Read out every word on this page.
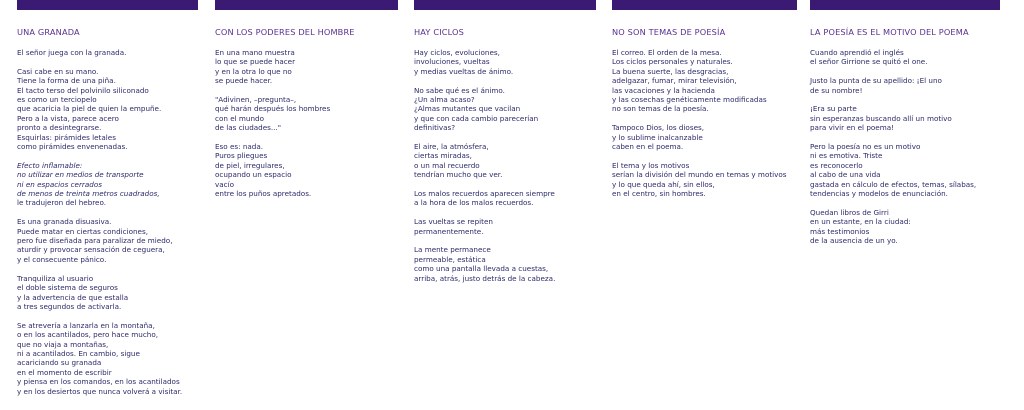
UNA GRANADA
El señor juega con la granada.
Casi cabe en su mano.
Tiene la forma de una piña.
El tacto terso del polvinilo siliconado
es como un terciopelo
que acaricia la piel de quien la empuñe.
Pero a la vista, parece acero
pronto a desintegrarse.
Esquirlas: pirámides letales
como pirámides envenenadas.
Efecto inflamable:
no utilizar en medios de transporte
ni en espacios cerrados
de menos de treinta metros cuadrados,
le tradujeron del hebreo.
Es una granada disuasiva.
Puede matar en ciertas condiciones,
pero fue diseñada para paralizar de miedo,
aturdir y provocar sensación de ceguera,
y el consecuente pánico.
Tranquiliza al usuario
el doble sistema de seguros
y la advertencia de que estalla
a tres segundos de activarla.
Se atrevería a lanzarla en la montaña,
o en los acantilados, pero hace mucho,
que no viaja a montañas,
ni a acantilados. En cambio, sigue
acariciando su granada
en el momento de escribir
y piensa en los comandos, en los acantilados
y en los desiertos que nunca volverá a visitar.
CON LOS PODERES DEL HOMBRE
En una mano muestra
lo que se puede hacer
y en la otra lo que no
se puede hacer.
"Adivinen, –pregunta–,
qué harán después los hombres
con el mundo
de las ciudades..."
Eso es: nada.
Puros pliegues
de piel, irregulares,
ocupando un espacio
vacío
entre los puños apretados.
HAY CICLOS
Hay ciclos, evoluciones,
involuciones, vueltas
y medias vueltas de ánimo.
No sabe qué es el ánimo.
¿Un alma acaso?
¿Almas mutantes que vacilan
y que con cada cambio parecerían
definitivas?
El aire, la atmósfera,
ciertas miradas,
o un mal recuerdo
tendrían mucho que ver.
Los malos recuerdos aparecen siempre
a la hora de los malos recuerdos.
Las vueltas se repiten
permanentemente.
La mente permanece
permeable, estática
como una pantalla llevada a cuestas,
arriba, atrás, justo detrás de la cabeza.
NO SON TEMAS DE POESÍA
El correo. El orden de la mesa.
Los ciclos personales y naturales.
La buena suerte, las desgracias,
adelgazar, fumar, mirar televisión,
las vacaciones y la hacienda
y las cosechas genéticamente modificadas
no son temas de la poesía.
Tampoco Dios, los dioses,
y lo sublime inalcanzable
caben en el poema.
El tema y los motivos
serían la división del mundo en temas y motivos
y lo que queda ahí, sin ellos,
en el centro, sin hombres.
LA POESÍA ES EL MOTIVO DEL POEMA
Cuando aprendió el inglés
el señor Girrione se quitó el one.
Justo la punta de su apellido: ¡El uno
de su nombre!
¡Era su parte
sin esperanzas buscando allí un motivo
para vivir en el poema!
Pero la poesía no es un motivo
ni es emotiva. Triste
es reconocerlo
al cabo de una vida
gastada en cálculo de efectos, temas, sílabas,
tendencias y modelos de enunciación.
Quedan libros de Girri
en un estante, en la ciudad:
más testimonios
de la ausencia de un yo.
